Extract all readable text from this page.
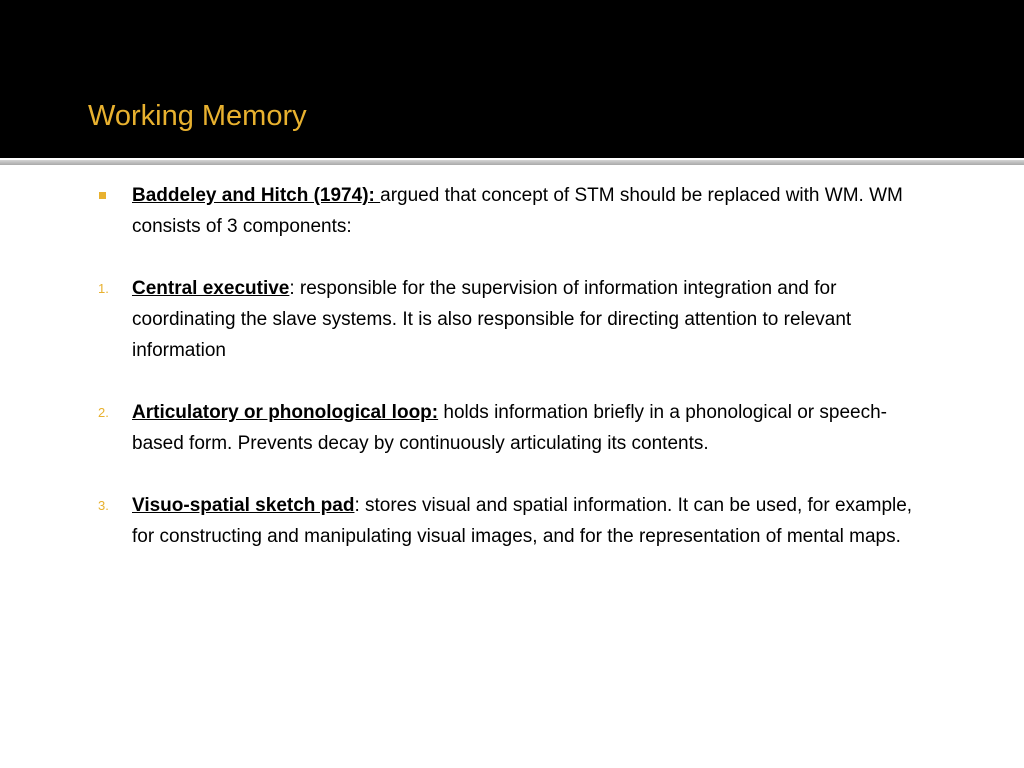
Working Memory
Baddeley and Hitch (1974): argued that concept of STM should be replaced with WM. WM consists of 3 components:
1. Central executive: responsible for the supervision of information integration and for coordinating the slave systems. It is also responsible for directing attention to relevant information
2. Articulatory or phonological loop: holds information briefly in a phonological or speech-based form. Prevents decay by continuously articulating its contents.
3. Visuo-spatial sketch pad: stores visual and spatial information. It can be used, for example, for constructing and manipulating visual images, and for the representation of mental maps.
